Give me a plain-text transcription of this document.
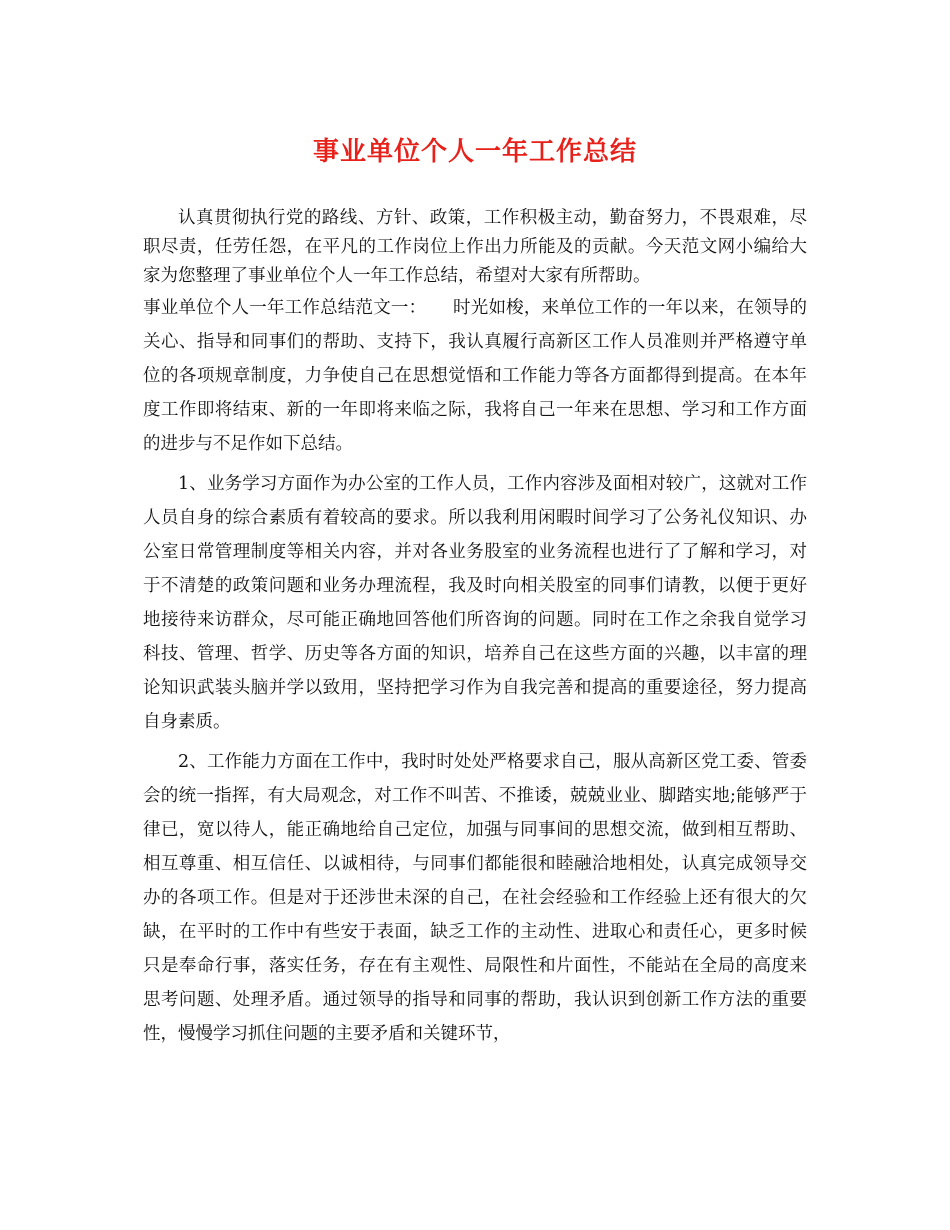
事业单位个人一年工作总结

认真贯彻执行党的路线、方针、政策，工作积极主动，勤奋努力，不畏艰难，尽职尽责，任劳任怨，在平凡的工作岗位上作出力所能及的贡献。今天范文网小编给大家为您整理了事业单位个人一年工作总结，希望对大家有所帮助。

事业单位个人一年工作总结范文一：　　时光如梭，来单位工作的一年以来，在领导的关心、指导和同事们的帮助、支持下，我认真履行高新区工作人员准则并严格遵守单位的各项规章制度，力争使自己在思想觉悟和工作能力等各方面都得到提高。在本年度工作即将结束、新的一年即将来临之际，我将自己一年来在思想、学习和工作方面的进步与不足作如下总结。

1、业务学习方面作为办公室的工作人员，工作内容涉及面相对较广，这就对工作人员自身的综合素质有着较高的要求。所以我利用闲暇时间学习了公务礼仪知识、办公室日常管理制度等相关内容，并对各业务股室的业务流程也进行了了解和学习，对于不清楚的政策问题和业务办理流程，我及时向相关股室的同事们请教，以便于更好地接待来访群众，尽可能正确地回答他们所咨询的问题。同时在工作之余我自觉学习科技、管理、哲学、历史等各方面的知识，培养自己在这些方面的兴趣，以丰富的理论知识武装头脑并学以致用，坚持把学习作为自我完善和提高的重要途径，努力提高自身素质。

2、工作能力方面在工作中，我时时处处严格要求自己，服从高新区党工委、管委会的统一指挥，有大局观念，对工作不叫苦、不推诿，兢兢业业、脚踏实地;能够严于律已，宽以待人，能正确地给自己定位，加强与同事间的思想交流，做到相互帮助、相互尊重、相互信任、以诚相待，与同事们都能很和睦融洽地相处，认真完成领导交办的各项工作。但是对于还涉世未深的自己，在社会经验和工作经验上还有很大的欠缺，在平时的工作中有些安于表面，缺乏工作的主动性、进取心和责任心，更多时候只是奉命行事，落实任务，存在有主观性、局限性和片面性，不能站在全局的高度来思考问题、处理矛盾。通过领导的指导和同事的帮助，我认识到创新工作方法的重要性，慢慢学习抓住问题的主要矛盾和关键环节，
